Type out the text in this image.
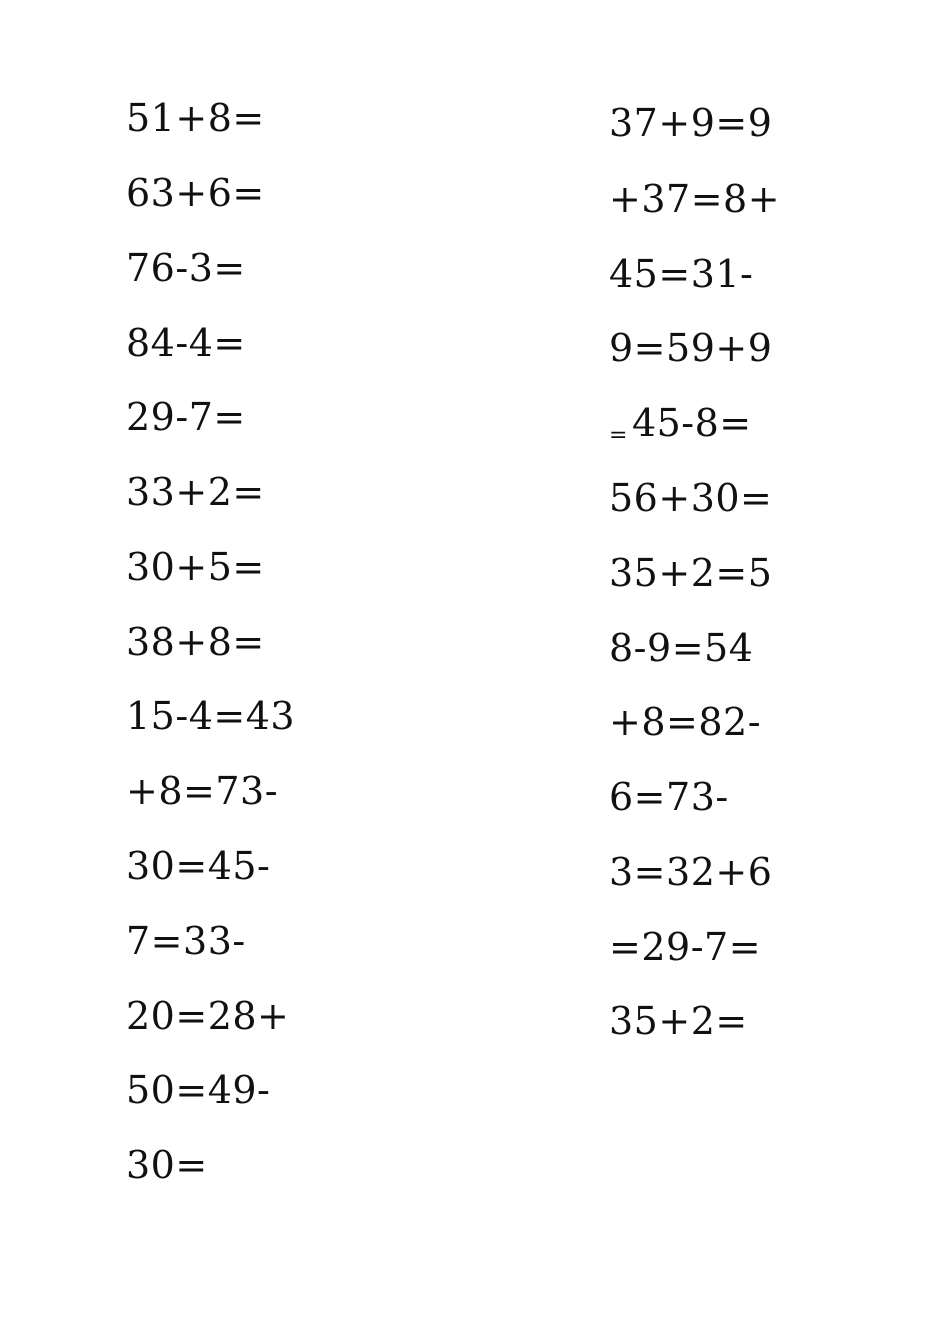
51+8=
63+6=
76-3=
84-4=
29-7=
33+2=
30+5=
38+8=
15-4=43
+8=73-
30=45-
7=33-
20=28+
50=49-
30=
37+9=9
+37=8+
45=31-
9=59+9
= 45-8=
56+30=
35+2=5
8-9=54
+8=82-
6=73-
3=32+6
=29-7=
35+2=
